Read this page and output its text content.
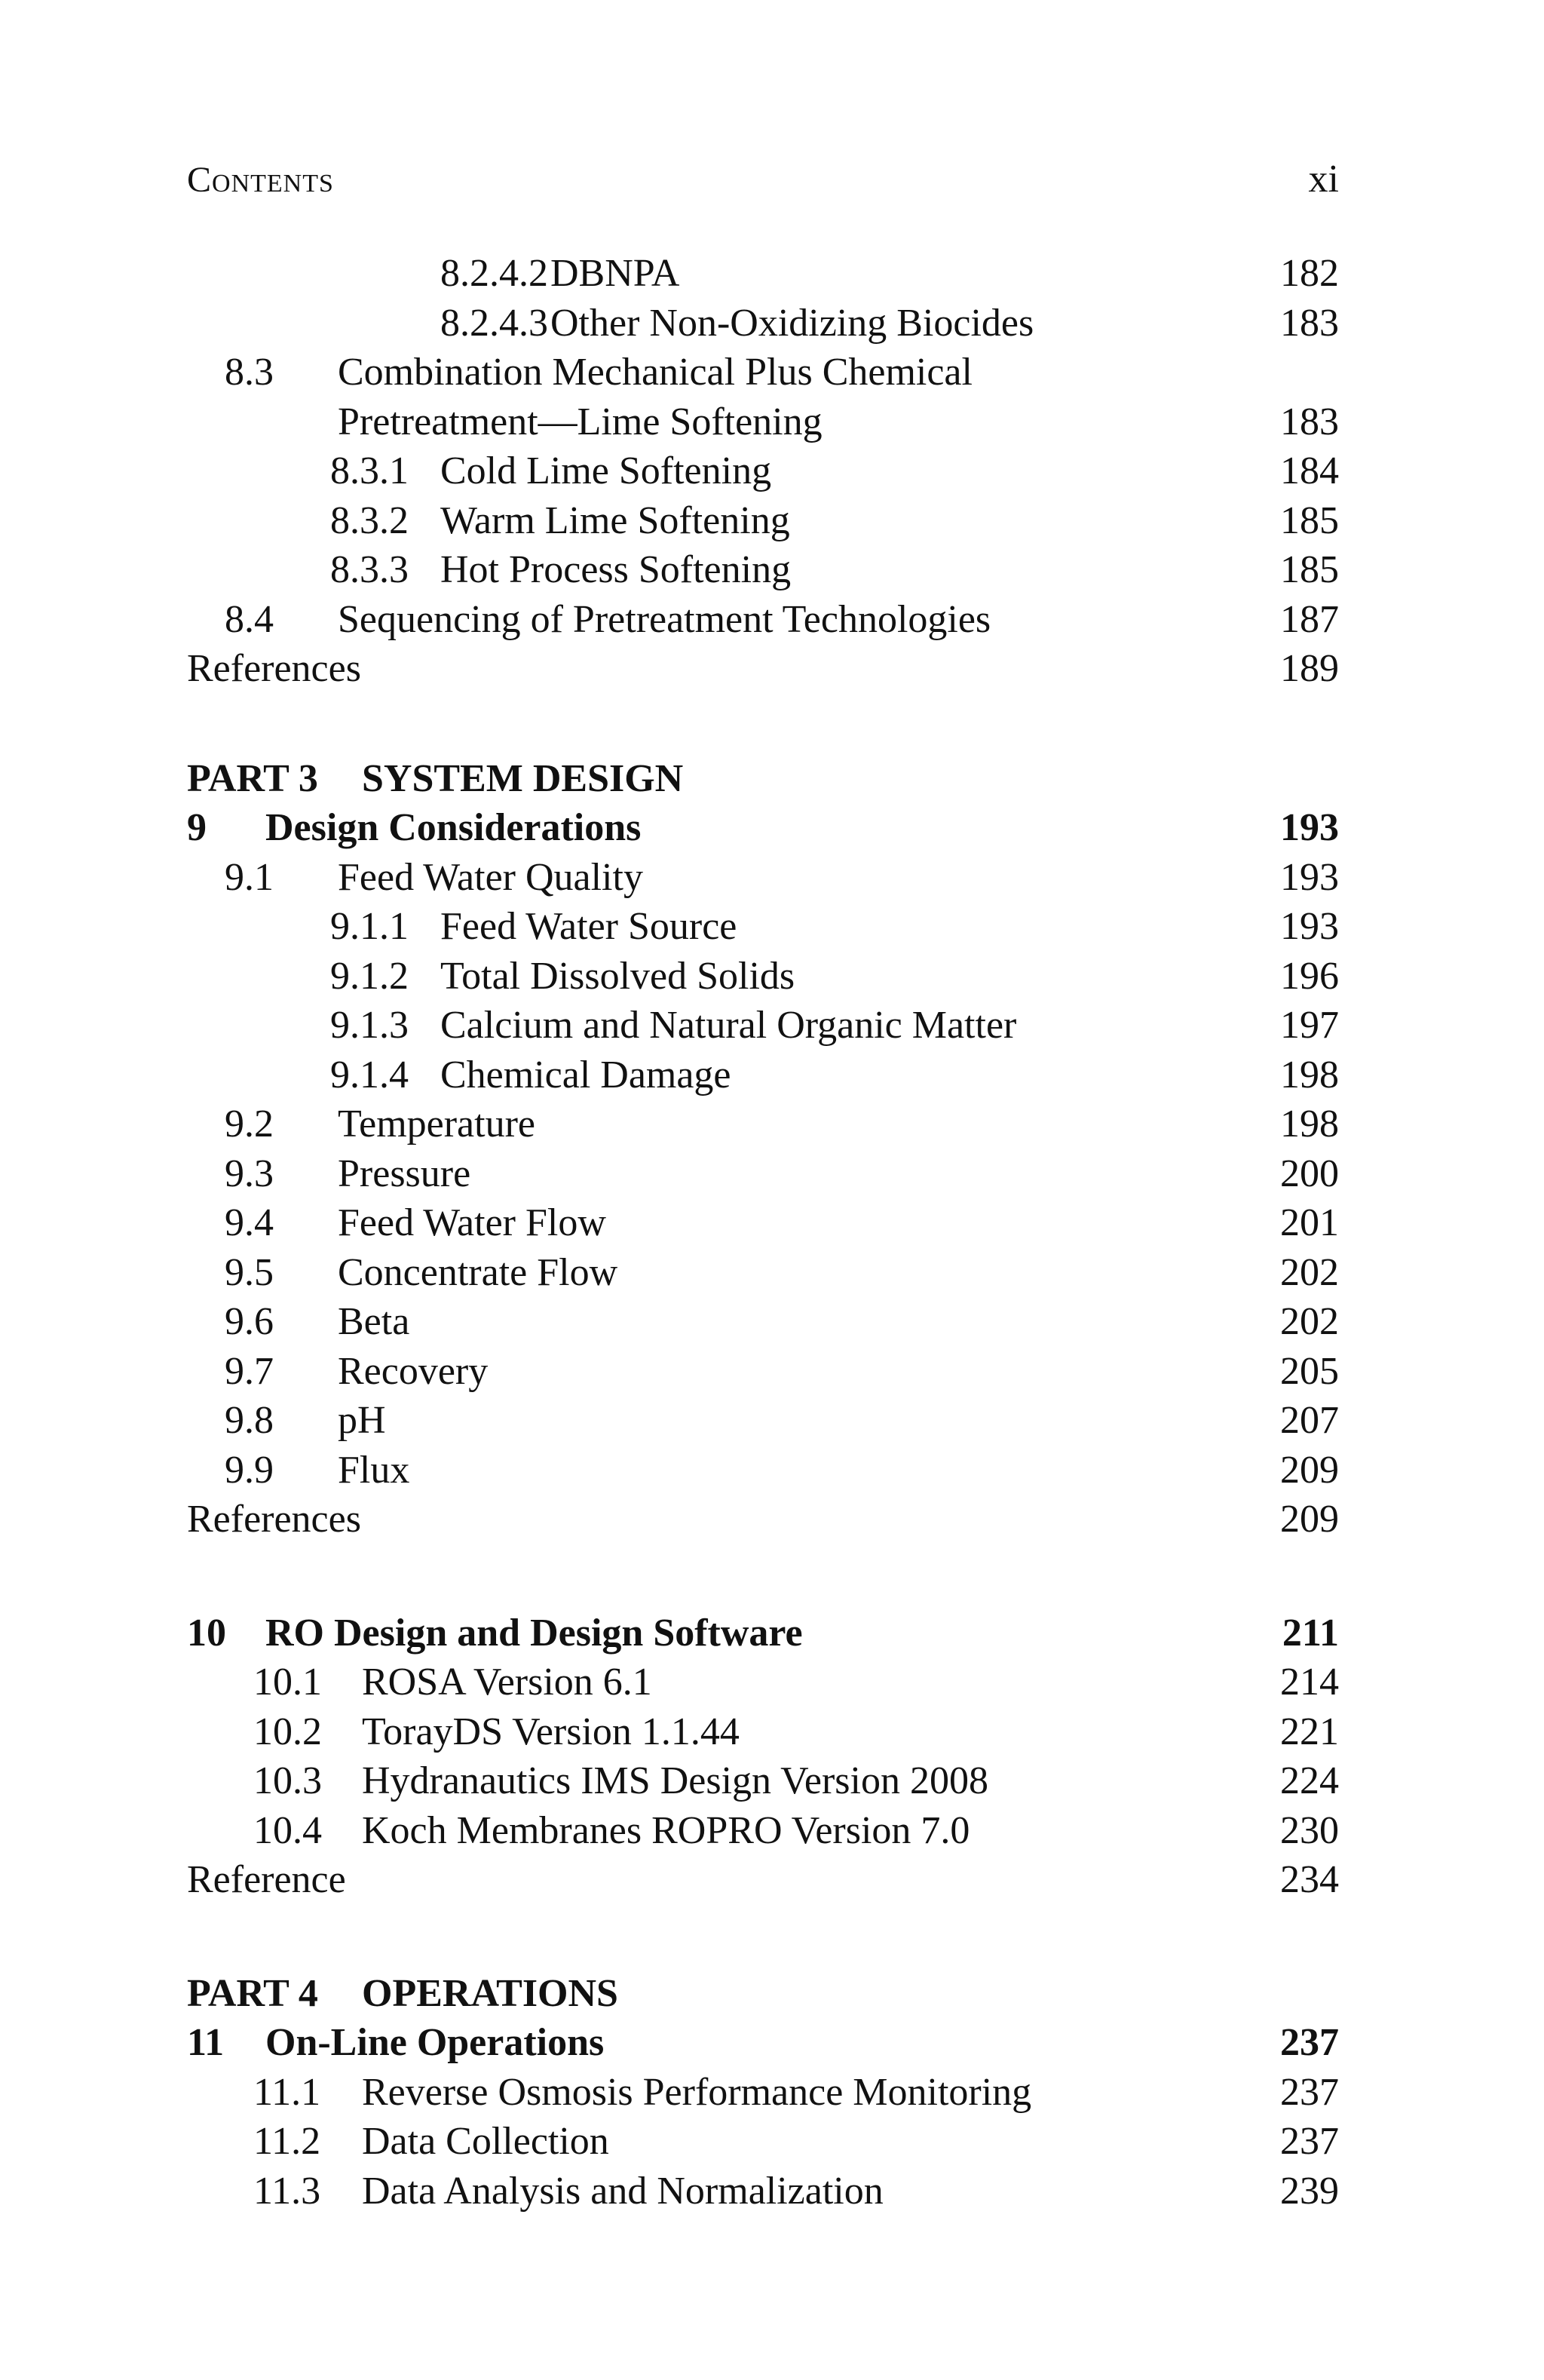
Contents	xi
8.2.4.2 DBNPA	182
8.2.4.3 Other Non-Oxidizing Biocides	183
8.3 Combination Mechanical Plus Chemical
Pretreatment—Lime Softening	183
8.3.1 Cold Lime Softening	184
8.3.2 Warm Lime Softening	185
8.3.3 Hot Process Softening	185
8.4 Sequencing of Pretreatment Technologies	187
References	189
PART 3 SYSTEM DESIGN
9 Design Considerations	193
9.1 Feed Water Quality	193
9.1.1 Feed Water Source	193
9.1.2 Total Dissolved Solids	196
9.1.3 Calcium and Natural Organic Matter	197
9.1.4 Chemical Damage	198
9.2 Temperature	198
9.3 Pressure	200
9.4 Feed Water Flow	201
9.5 Concentrate Flow	202
9.6 Beta	202
9.7 Recovery	205
9.8 pH	207
9.9 Flux	209
References	209
10 RO Design and Design Software	211
10.1 ROSA Version 6.1	214
10.2 TorayDS Version 1.1.44	221
10.3 Hydranautics IMS Design Version 2008	224
10.4 Koch Membranes ROPRO Version 7.0	230
Reference	234
PART 4 OPERATIONS
11 On-Line Operations	237
11.1 Reverse Osmosis Performance Monitoring	237
11.2 Data Collection	237
11.3 Data Analysis and Normalization	239
